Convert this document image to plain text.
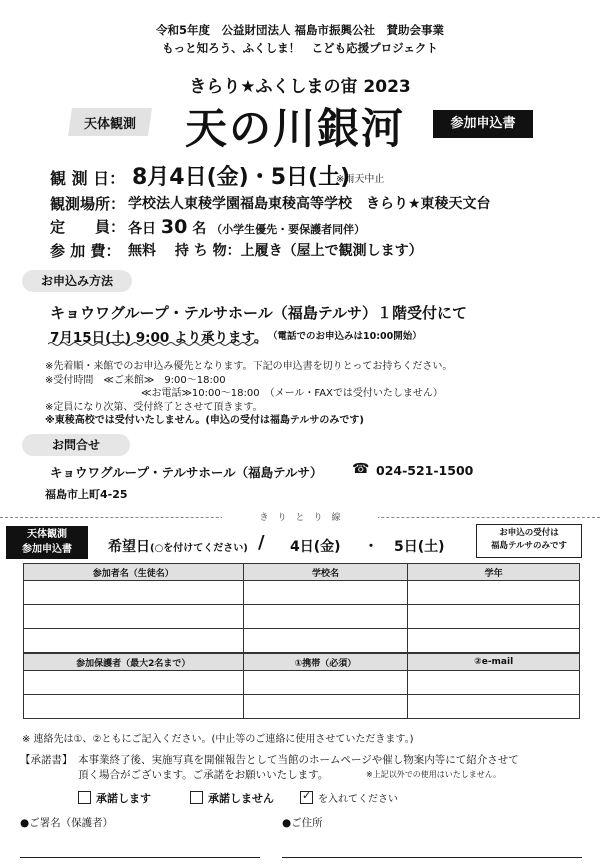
令和5年度　公益財団法人 福島市振興公社　賛助会事業
もっと知ろう、ふくしま！　こども応援プロジェクト
きらり★ふくしまの宙 2023
天体観測	天の川銀河	参加申込書
観 測 日： 8月4日(金)・5日(土)
※雨天中止
観測場所： 学校法人東稜学園福島東稜高等学校　きらり★東稜天文台
定　　員： 各日 30 名 （小学生優先・要保護者同伴）
参 加 費： 無料　 持 ち 物：上履き（屋上で観測します）
お申込み方法
キョウワグループ・テルサホール（福島テルサ）１階受付にて
7月15日(土) 9:00 より承ります。 （電話でのお申込みは10:00開始）
※先着順・来館でのお申込み優先となります。下記の申込書を切りとってお持ちください。
※受付時間　≪ご来館≫　9:00～18:00
≪お電話≫10:00～18:00　（メール・FAXでは受付いたしません）
※定員になり次第、受付終了とさせて頂きます。
※東稜高校では受付いたしません。(申込の受付は福島テルサのみです)
お問合せ
キョウワグループ・テルサホール（福島テルサ） ☎ 024-521-1500
福島市上町4-25
き　り　と　り　線
天体観測
参加申込書	希望日(○を付けてください) / 4日(金) ・ 5日(土)
お申込の受付は
福島テルサのみです
参加者名（生徒名）	学校名	学年

参加保護者（最大2名まで）	①携帯（必須）	②e-mail

※ 連絡先は①、②ともにご記入ください。(中止等のご連絡に使用させていただきます。)
【承諾書】 本事業終了後、実施写真を開催報告として当館のホームページや催し物案内等にて紹介させて
頂く場合がございます。ご承諾をお願いいたします。	※上記以外での使用はいたしません。
承諾します	承諾しません	✓ を入れてください
●ご署名（保護者）	●ご住所
